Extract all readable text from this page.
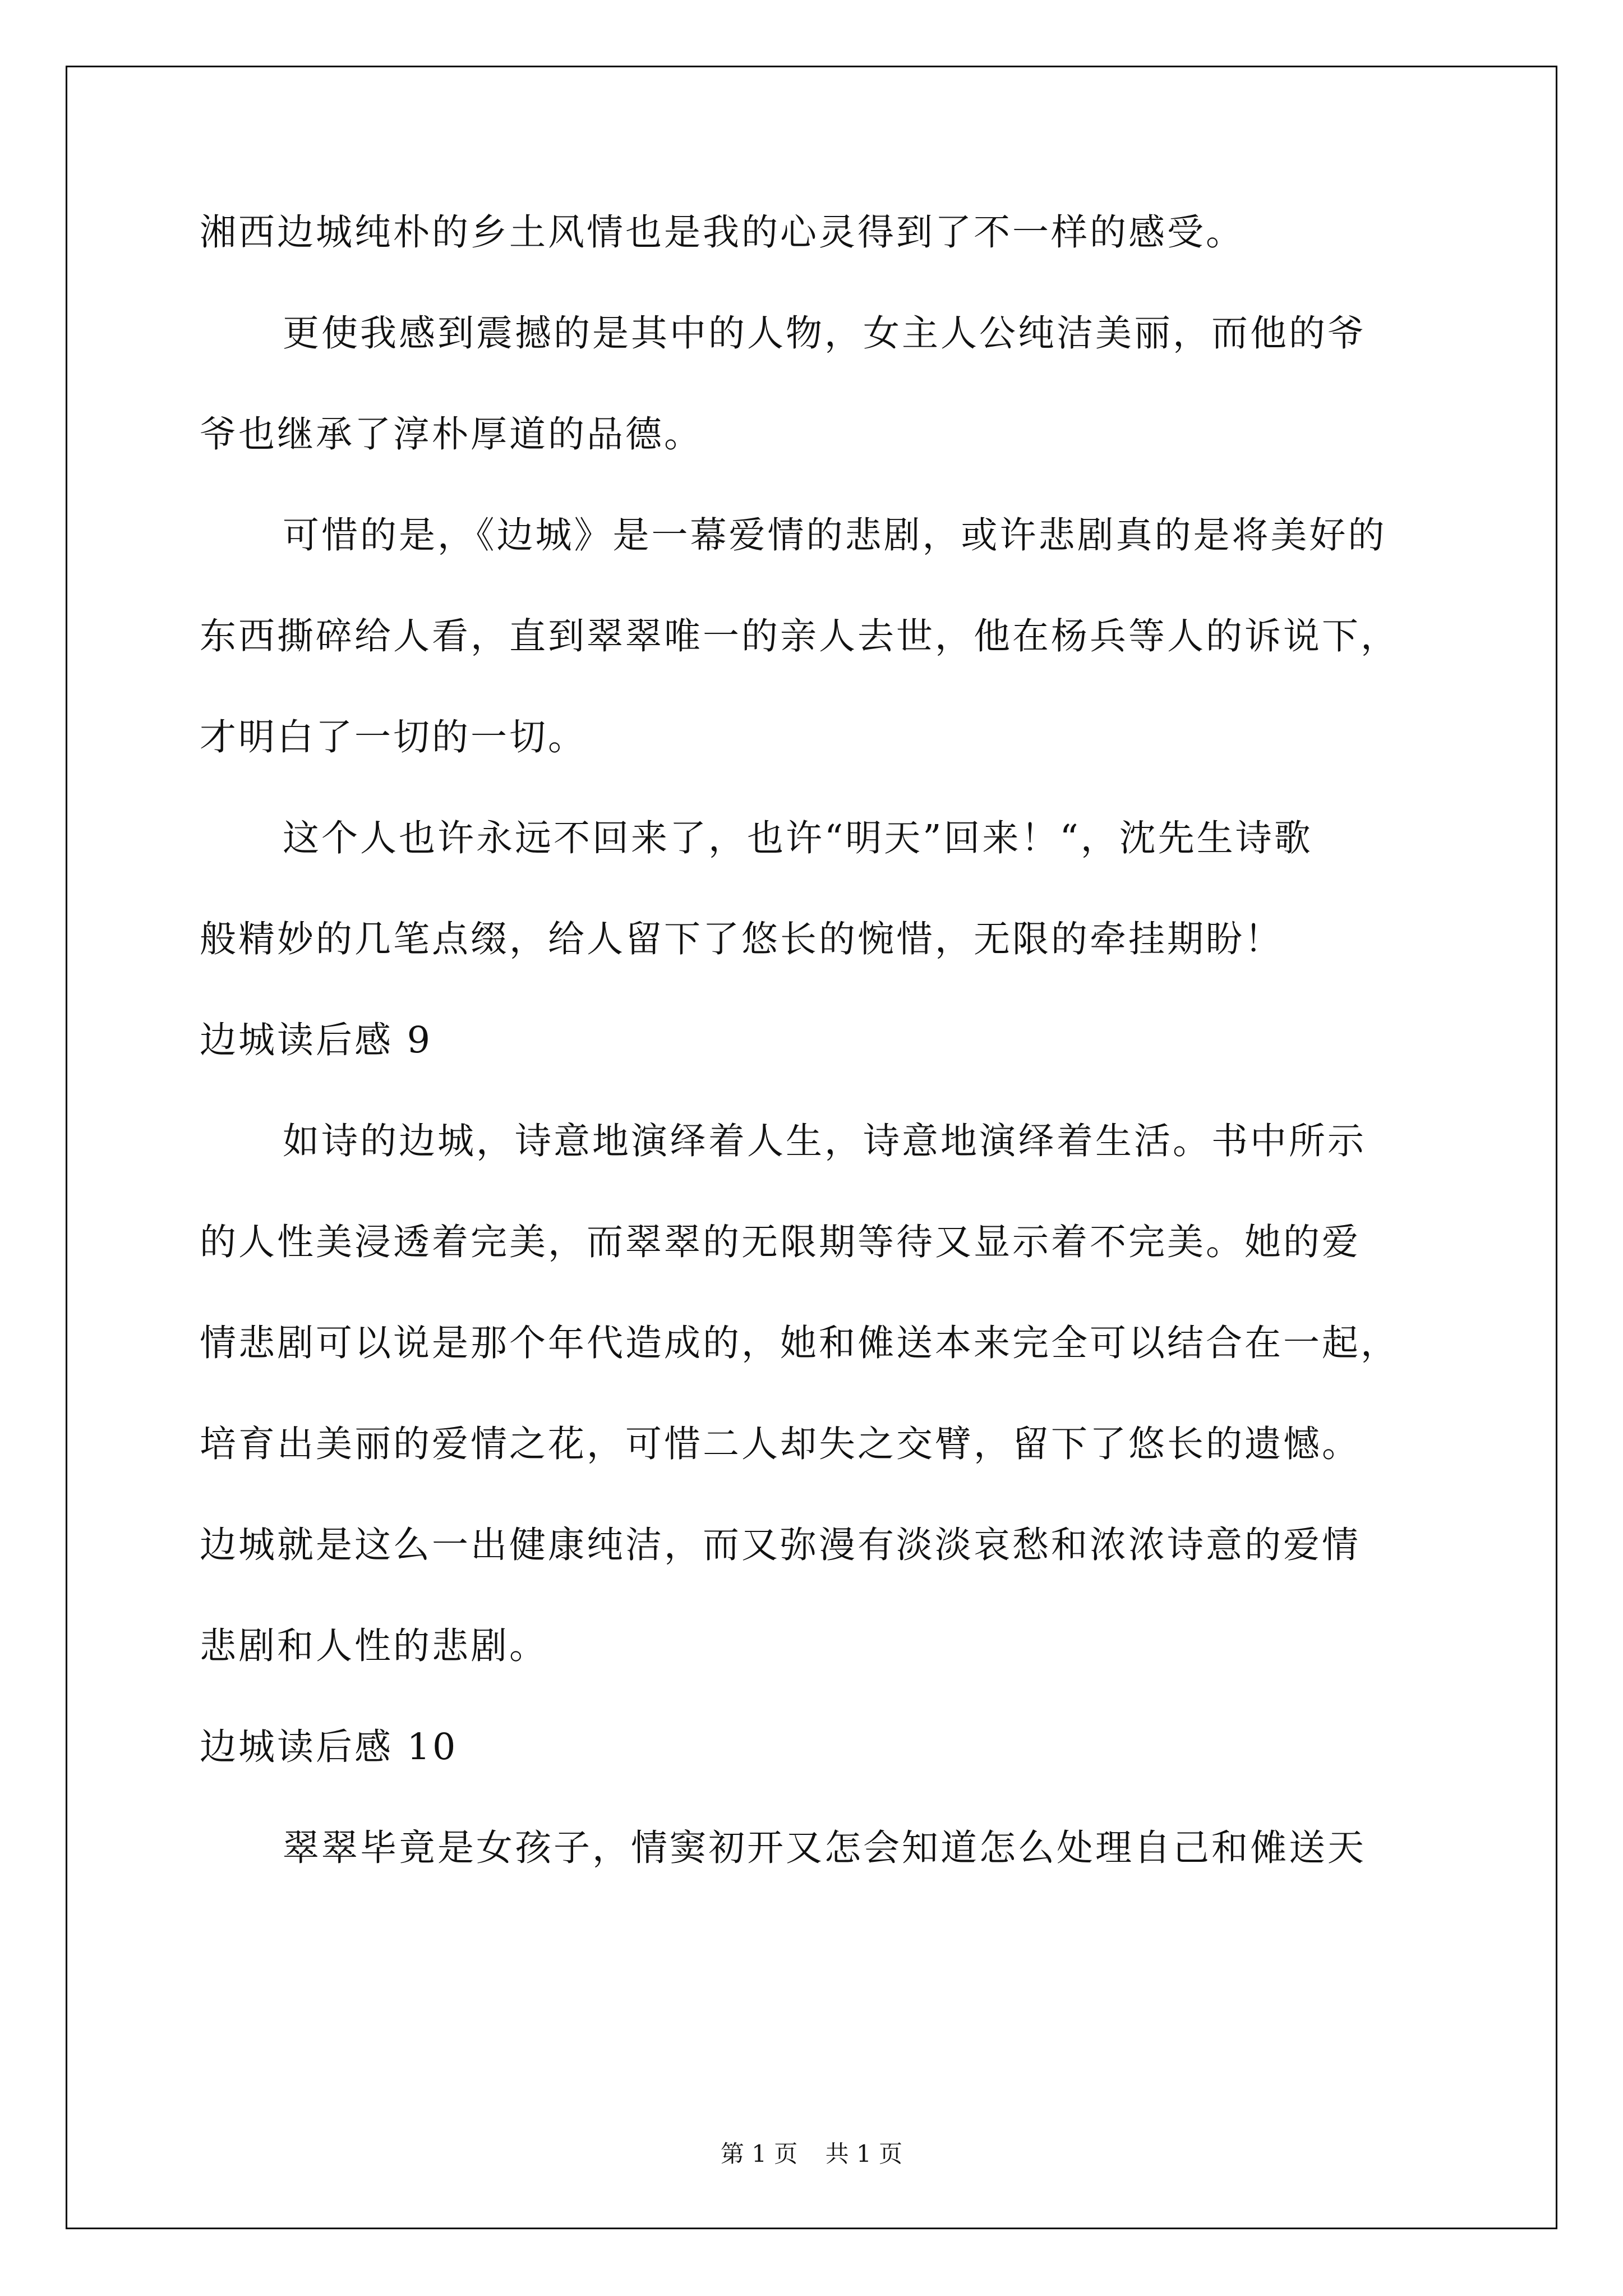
湘西边城纯朴的乡土风情也是我的心灵得到了不一样的感受。
更使我感到震撼的是其中的人物，女主人公纯洁美丽，而他的爷
爷也继承了淳朴厚道的品德。
可惜的是，《边城》是一幕爱情的悲剧，或许悲剧真的是将美好的
东西撕碎给人看，直到翠翠唯一的亲人去世，他在杨兵等人的诉说下，
才明白了一切的一切。
这个人也许永远不回来了，也许“明天”回来！“，沈先生诗歌
般精妙的几笔点缀，给人留下了悠长的惋惜，无限的牵挂期盼！
边城读后感 9
如诗的边城，诗意地演绎着人生，诗意地演绎着生活。书中所示
的人性美浸透着完美，而翠翠的无限期等待又显示着不完美。她的爱
情悲剧可以说是那个年代造成的，她和傩送本来完全可以结合在一起，
培育出美丽的爱情之花，可惜二人却失之交臂，留下了悠长的遗憾。
边城就是这么一出健康纯洁，而又弥漫有淡淡哀愁和浓浓诗意的爱情
悲剧和人性的悲剧。
边城读后感 10
翠翠毕竟是女孩子，情窦初开又怎会知道怎么处理自己和傩送天
第 1 页 共 1 页
